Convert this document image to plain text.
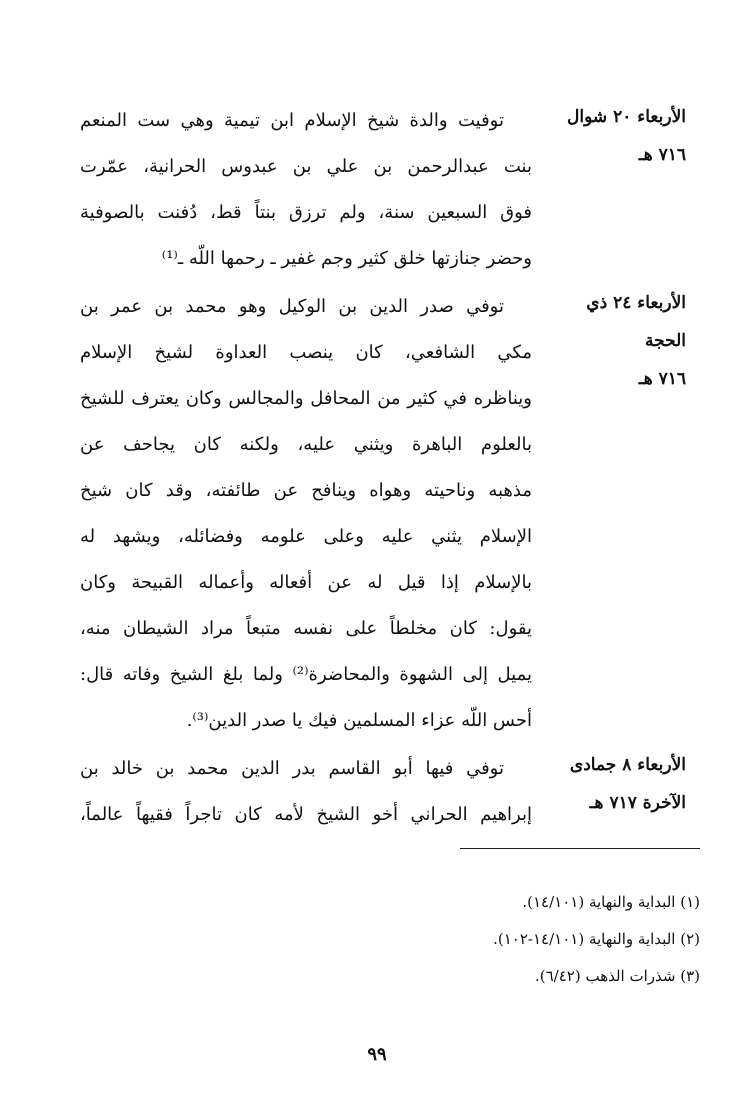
الأربعاء ٢٠ شوال
٧١٦ هـ
توفيت والدة شيخ الإسلام ابن تيمية وهي ست المنعم
بنت عبدالرحمن بن علي بن عبدوس الحرانية، عمّرت
فوق السبعين سنة، ولم ترزق بنتاً قط، دُفنت بالصوفية
وحضر جنازتها خلق كثير وجم غفير ـ رحمها اللّه ـ⁽¹⁾
الأربعاء ٢٤ ذي الحجة
٧١٦ هـ
توفي صدر الدين بن الوكيل وهو محمد بن عمر بن
مكي الشافعي، كان ينصب العداوة لشيخ الإسلام
ويناظره في كثير من المحافل والمجالس وكان يعترف للشيخ
بالعلوم الباهرة ويثني عليه، ولكنه كان يجاحف عن
مذهبه وناحيته وهواه وينافح عن طائفته، وقد كان شيخ
الإسلام يثني عليه وعلى علومه وفضائله، ويشهد له
بالإسلام إذا قيل له عن أفعاله وأعماله القبيحة وكان
يقول: كان مخلطاً على نفسه متبعاً مراد الشيطان منه،
يميل إلى الشهوة والمحاضرة⁽²⁾ ولما بلغ الشيخ وفاته قال:
أحس اللّه عزاء المسلمين فيك يا صدر الدين⁽³⁾.
الأربعاء ٨ جمادى
الآخرة ٧١٧ هـ
توفي فيها أبو القاسم بدر الدين محمد بن خالد بن
إبراهيم الحراني أخو الشيخ لأمه كان تاجراً فقيهاً عالماً،
(١) البداية والنهاية (١٤/١٠١).
(٢) البداية والنهاية (١٤/١٠١-١٠٢).
(٣) شذرات الذهب (٦/٤٢).
٩٩
